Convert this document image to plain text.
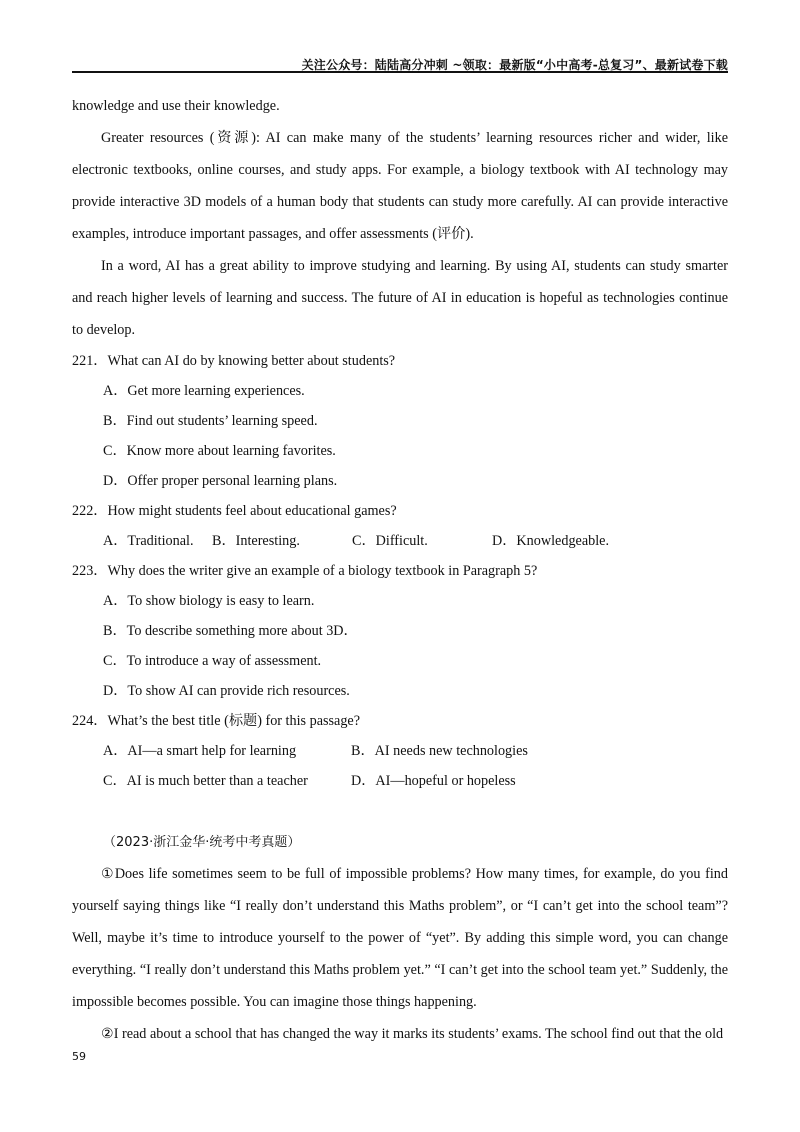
关注公众号：陆陆高分冲刺 ~领取：最新版“小中高考-总复习”、最新试卷下载

knowledge and use their knowledge.

Greater resources (资源): AI can make many of the students’ learning resources richer and wider, like electronic textbooks, online courses, and study apps. For example, a biology textbook with AI technology may provide interactive 3D models of a human body that students can study more carefully. AI can provide interactive examples, introduce important passages, and offer assessments (评价).

In a word, AI has a great ability to improve studying and learning. By using AI, students can study smarter and reach higher levels of learning and success. The future of AI in education is hopeful as technologies continue to develop.

221．What can AI do by knowing better about students?

A．Get more learning experiences.

B．Find out students’ learning speed.

C．Know more about learning favorites.

D．Offer proper personal learning plans.

222．How might students feel about educational games?

A．Traditional.	B．Interesting.	C．Difficult.	D．Knowledgeable.

223．Why does the writer give an example of a biology textbook in Paragraph 5?

A．To show biology is easy to learn.

B．To describe something more about 3D．

C．To introduce a way of assessment.

D．To show AI can provide rich resources.

224．What’s the best title (标题) for this passage?

A．AI—a smart help for learning	B．AI needs new technologies
C．AI is much better than a teacher	D．AI—hopeful or hopeless

（2023·浙江金华·统考中考真题）

①Does life sometimes seem to be full of impossible problems? How many times, for example, do you find yourself saying things like “I really don’t understand this Maths problem”, or “I can’t get into the school team”? Well, maybe it’s time to introduce yourself to the power of “yet”. By adding this simple word, you can change everything. “I really don’t understand this Maths problem yet.” “I can’t get into the school team yet.” Suddenly, the impossible becomes possible. You can imagine those things happening.

②I read about a school that has changed the way it marks its students’ exams. The school find out that the old

59
